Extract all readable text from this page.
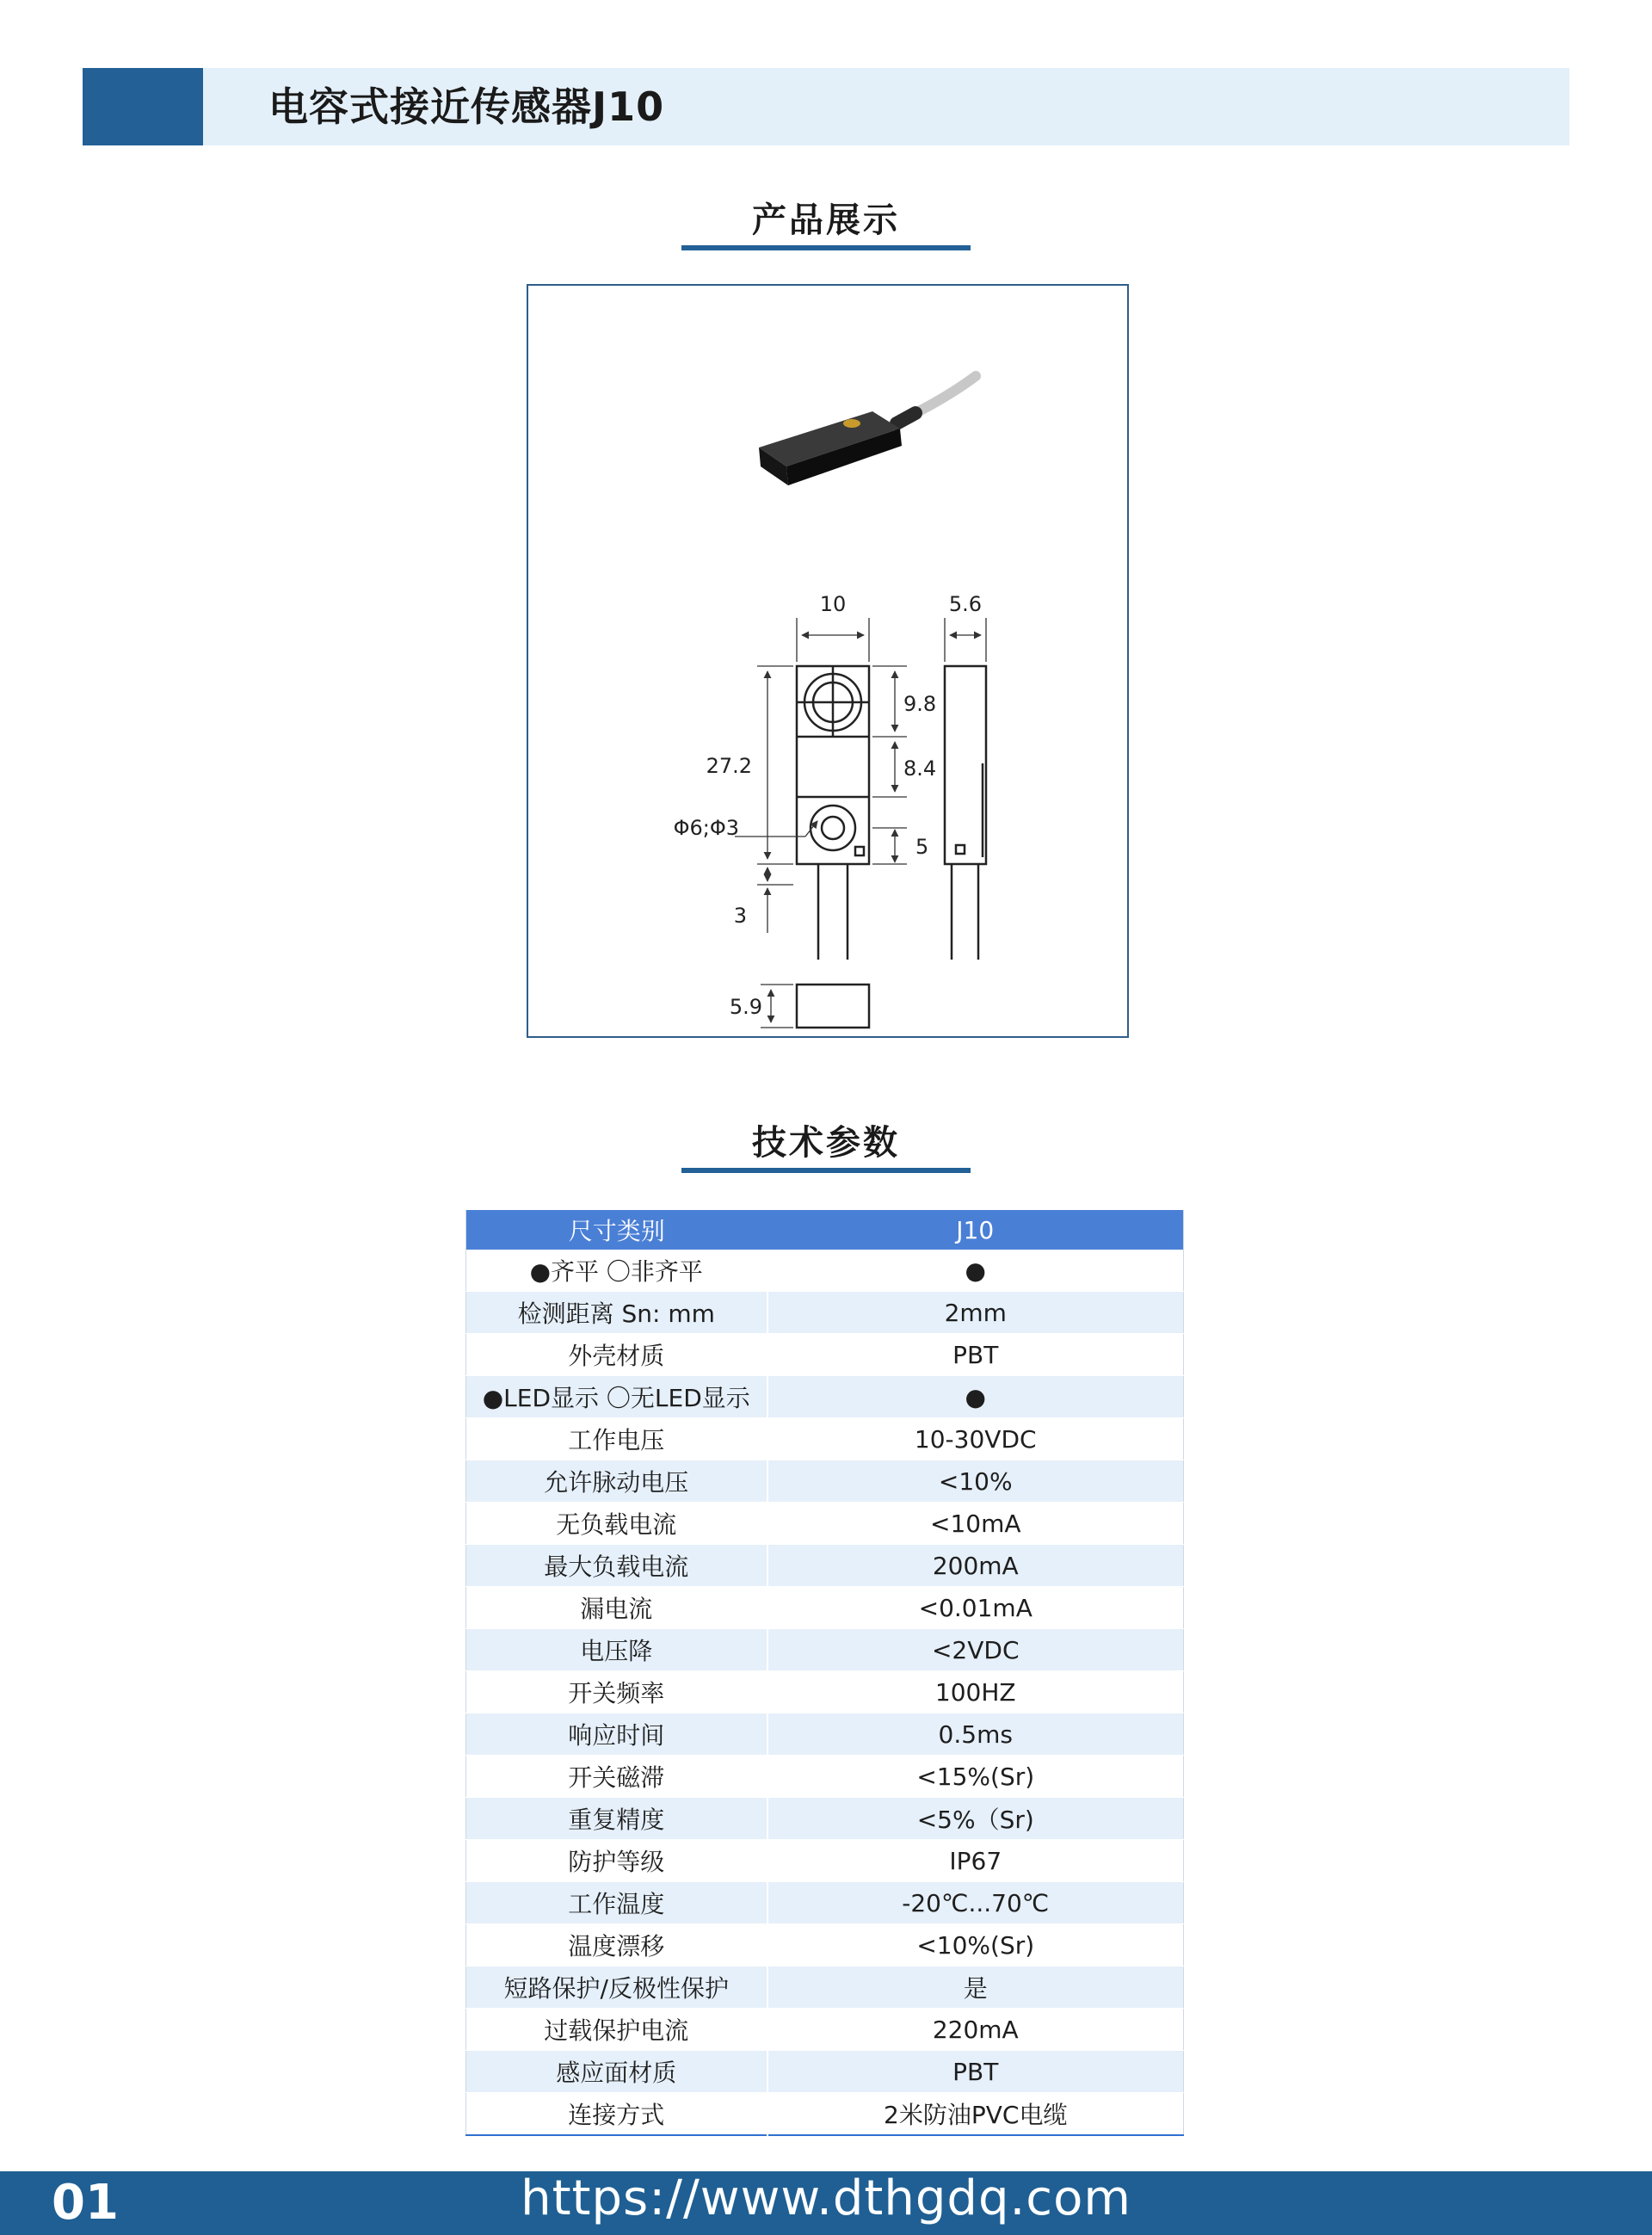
电容式接近传感器J10
产品展示
10	5.6
9.8
8.4
27.2
Φ6;Φ3
5
3
5.9
技术参数
尺寸类别	J10
●齐平 〇非齐平	●
检测距离 Sn: mm	2mm
外壳材质	PBT
●LED显示 〇无LED显示	●
工作电压	10-30VDC
允许脉动电压	<10%
无负载电流	<10mA
最大负载电流	200mA
漏电流	<0.01mA
电压降	<2VDC
开关频率	100HZ
响应时间	0.5ms
开关磁滞	<15%(Sr)
重复精度	<5%（Sr)
防护等级	IP67
工作温度	-20℃...70℃
温度漂移	<10%(Sr)
短路保护/反极性保护	是
过载保护电流	220mA
感应面材质	PBT
连接方式	2米防油PVC电缆
01	https://www.dthgdq.com
